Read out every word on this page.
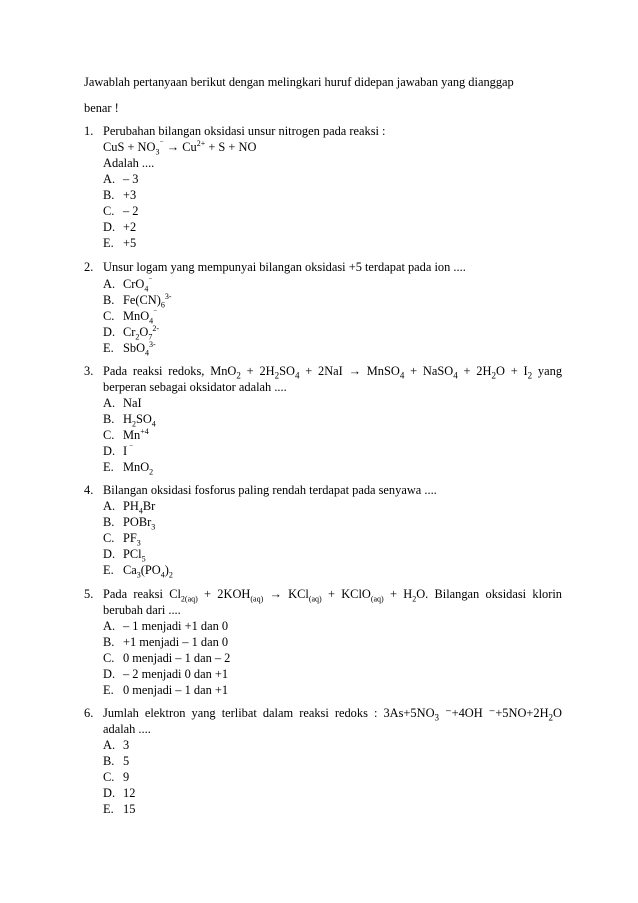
Jawablah pertanyaan berikut dengan melingkari huruf didepan jawaban yang dianggap
benar !
1. Perubahan bilangan oksidasi unsur nitrogen pada reaksi :
CuS + $NO_3^{^-} \to Cu^{2+} + S$ + NO
Adalah ....
A. – 3
B. +3
C. – 2
D. +2
E. +5
2. Unsur logam yang mempunyai bilangan oksidasi +5 terdapat pada ion ....
A. CrO$_4$⁻
B. $Fe(CN)_6^{3-}$
C. MnO$_4$⁻
D. $Cr_2O_7^{2-}$
E. SbO$_4^{3-}$
3. Pada reaksi redoks, $MnO_2 + 2H_2SO_4 + 2NaI$ → MnSO$_4$ + NaSO$_4$ + $2H_2O + I_2$ yang
berperan sebagai oksidator adalah ....
A. NaI
B. $H_2SO_4$
C. $Mn^{+4}$
D. I ⁻
E. MnO$_2$
4. Bilangan oksidasi fosforus paling rendah terdapat pada senyawa ....
A. $PH_4Br$
B. POBr$_3$
C. $PF_3$
D. PCl$_5$
E. $Ca_3(PO_4)_2$
5. Pada reaksi $Cl_{2(aq)} + 2KOH_{(aq)} \to KCl_{(aq)}$ + KClO$_{(aq)}$ + $H_2O$. Bilangan oksidasi klorin
berubah dari ....
A. – 1 menjadi +1 dan 0
B. +1 menjadi – 1 dan 0
C. 0 menjadi – 1 dan – 2
D. – 2 menjadi 0 dan +1
E. 0 menjadi – 1 dan +1
6. Jumlah elektron yang terlibat dalam reaksi redoks : $3As+5NO_3$ ⁻+4OH $^-+5NO+2H_2O$
adalah ....
A. 3
B. 5
C. 9
D. 12
E. 15
